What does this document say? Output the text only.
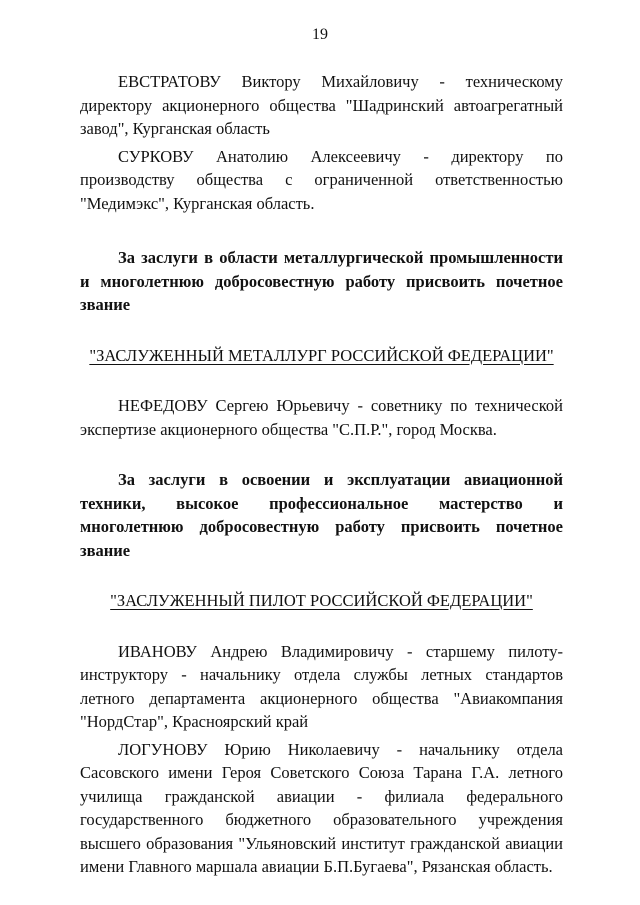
19

ЕВСТРАТОВУ Виктору Михайловичу - техническому директору акционерного общества "Шадринский автоагрегатный завод", Курганская область

СУРКОВУ Анатолию Алексеевичу - директору по производству общества с ограниченной ответственностью "Медимэкс", Курганская область.

За заслуги в области металлургической промышленности и многолетнюю добросовестную работу присвоить почетное звание

"ЗАСЛУЖЕННЫЙ МЕТАЛЛУРГ РОССИЙСКОЙ ФЕДЕРАЦИИ"

НЕФЕДОВУ Сергею Юрьевичу - советнику по технической экспертизе акционерного общества "С.П.Р.", город Москва.

За заслуги в освоении и эксплуатации авиационной техники, высокое профессиональное мастерство и многолетнюю добросовестную работу присвоить почетное звание

"ЗАСЛУЖЕННЫЙ ПИЛОТ РОССИЙСКОЙ ФЕДЕРАЦИИ"

ИВАНОВУ Андрею Владимировичу - старшему пилоту-инструктору - начальнику отдела службы летных стандартов летного департамента акционерного общества "Авиакомпания "НордСтар", Красноярский край

ЛОГУНОВУ Юрию Николаевичу - начальнику отдела Сасовского имени Героя Советского Союза Тарана Г.А. летного училища гражданской авиации - филиала федерального государственного бюджетного образовательного учреждения высшего образования "Ульяновский институт гражданской авиации имени Главного маршала авиации Б.П.Бугаева", Рязанская область.
